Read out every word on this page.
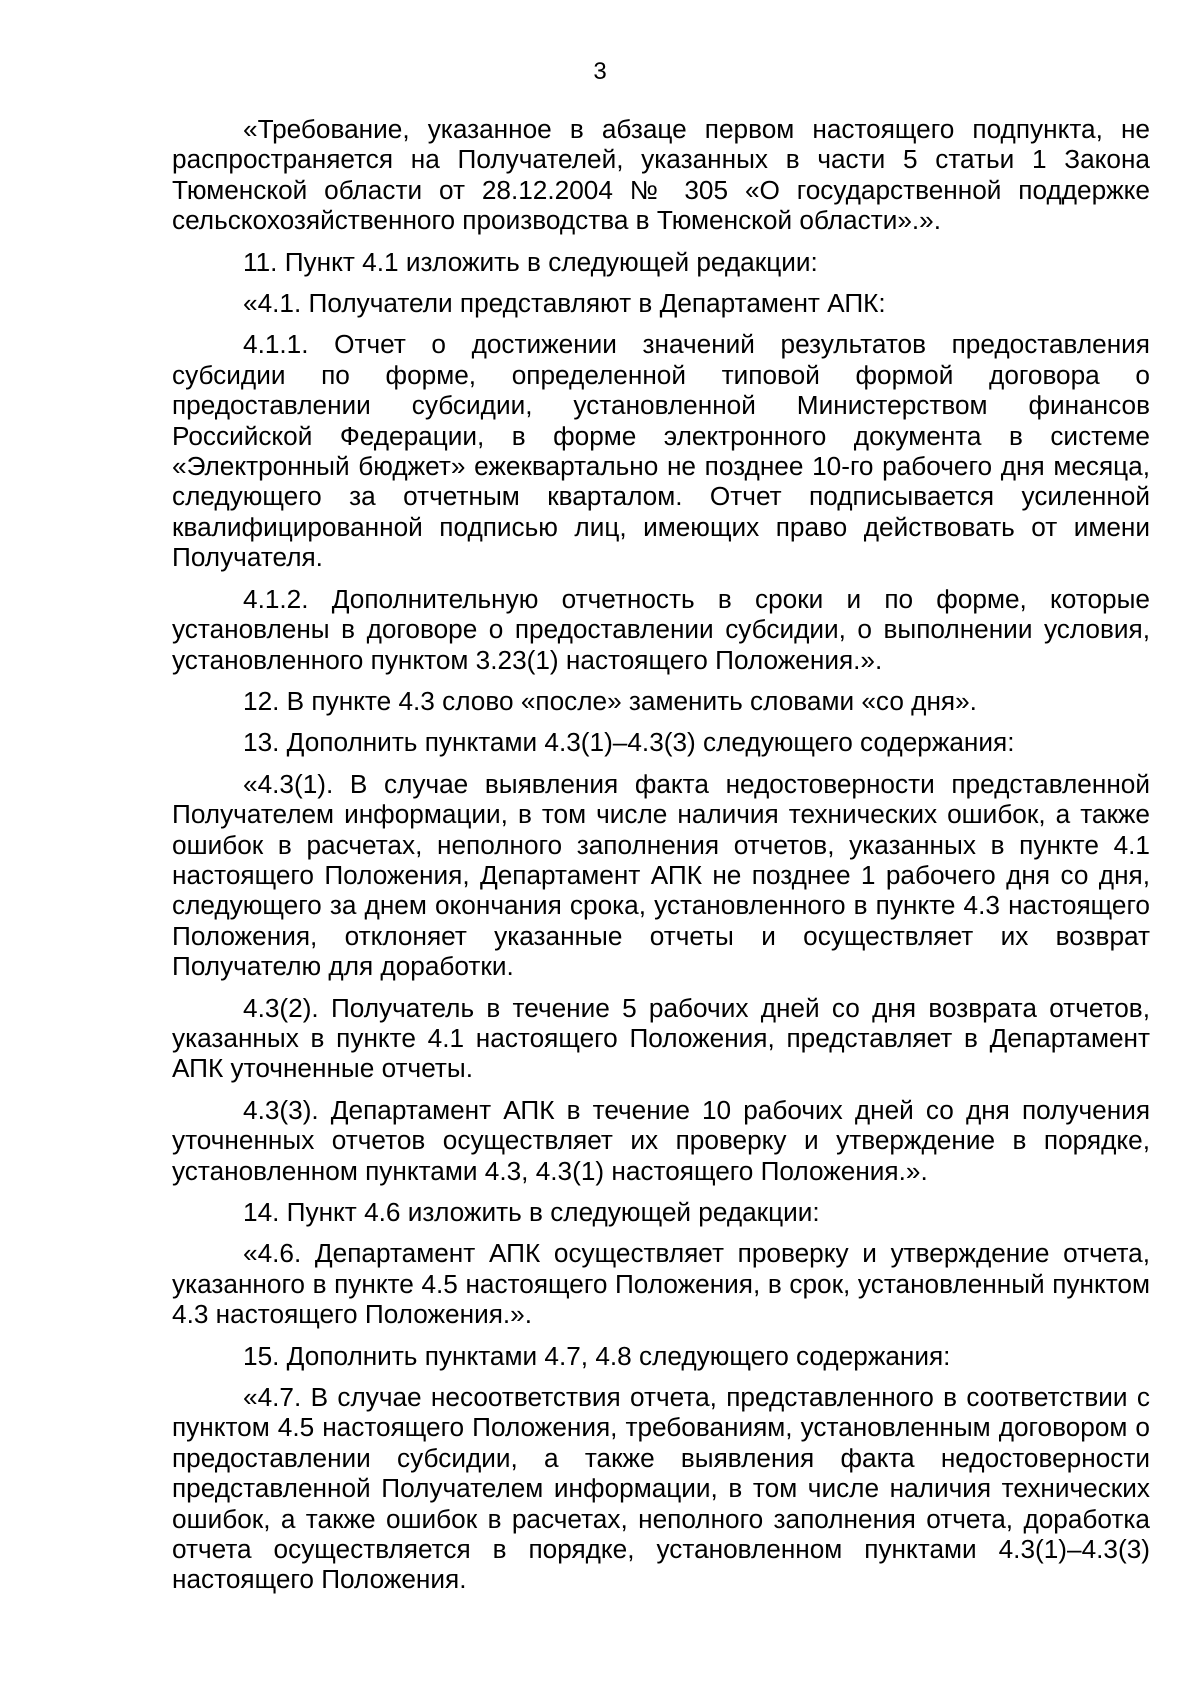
3

«Требование, указанное в абзаце первом настоящего подпункта, не распространяется на Получателей, указанных в части 5 статьи 1 Закона Тюменской области от 28.12.2004 № 305 «О государственной поддержке сельскохозяйственного производства в Тюменской области».».

11. Пункт 4.1 изложить в следующей редакции:

«4.1. Получатели представляют в Департамент АПК:

4.1.1. Отчет о достижении значений результатов предоставления субсидии по форме, определенной типовой формой договора о предоставлении субсидии, установленной Министерством финансов Российской Федерации, в форме электронного документа в системе «Электронный бюджет» ежеквартально не позднее 10-го рабочего дня месяца, следующего за отчетным кварталом. Отчет подписывается усиленной квалифицированной подписью лиц, имеющих право действовать от имени Получателя.

4.1.2. Дополнительную отчетность в сроки и по форме, которые установлены в договоре о предоставлении субсидии, о выполнении условия, установленного пунктом 3.23(1) настоящего Положения.».

12. В пункте 4.3 слово «после» заменить словами «со дня».

13. Дополнить пунктами 4.3(1)–4.3(3) следующего содержания:

«4.3(1). В случае выявления факта недостоверности представленной Получателем информации, в том числе наличия технических ошибок, а также ошибок в расчетах, неполного заполнения отчетов, указанных в пункте 4.1 настоящего Положения, Департамент АПК не позднее 1 рабочего дня со дня, следующего за днем окончания срока, установленного в пункте 4.3 настоящего Положения, отклоняет указанные отчеты и осуществляет их возврат Получателю для доработки.

4.3(2). Получатель в течение 5 рабочих дней со дня возврата отчетов, указанных в пункте 4.1 настоящего Положения, представляет в Департамент АПК уточненные отчеты.

4.3(3). Департамент АПК в течение 10 рабочих дней со дня получения уточненных отчетов осуществляет их проверку и утверждение в порядке, установленном пунктами 4.3, 4.3(1) настоящего Положения.».

14. Пункт 4.6 изложить в следующей редакции:

«4.6. Департамент АПК осуществляет проверку и утверждение отчета, указанного в пункте 4.5 настоящего Положения, в срок, установленный пунктом 4.3 настоящего Положения.».

15. Дополнить пунктами 4.7, 4.8 следующего содержания:

«4.7. В случае несоответствия отчета, представленного в соответствии с пунктом 4.5 настоящего Положения, требованиям, установленным договором о предоставлении субсидии, а также выявления факта недостоверности представленной Получателем информации, в том числе наличия технических ошибок, а также ошибок в расчетах, неполного заполнения отчета, доработка отчета осуществляется в порядке, установленном пунктами 4.3(1)–4.3(3) настоящего Положения.
